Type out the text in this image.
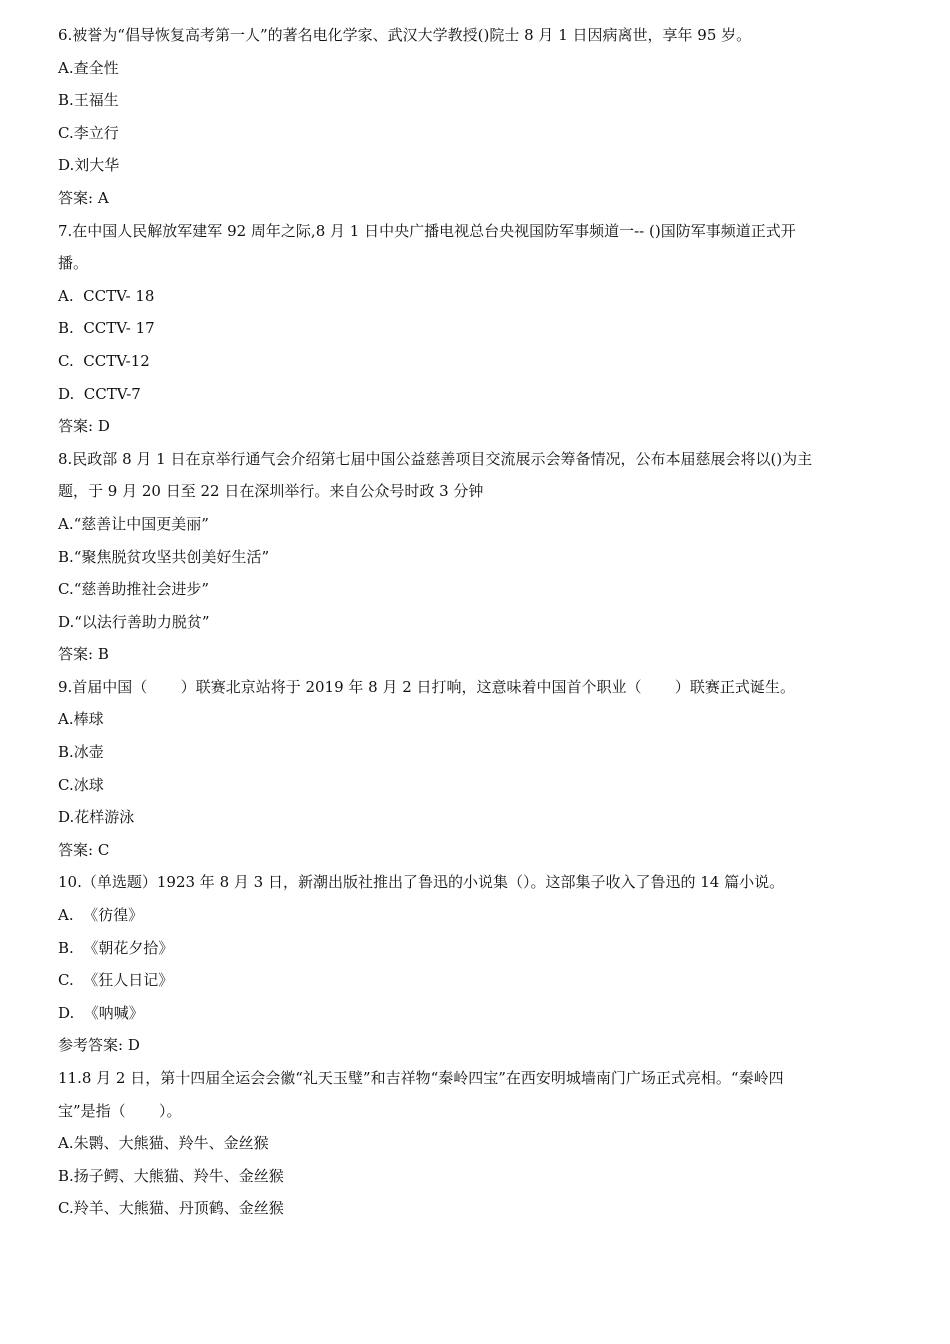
6.被誉为“倡导恢复高考第一人”的著名电化学家、武汉大学教授()院士 8 月 1 日因病离世，享年 95 岁。
A.查全性
B.王福生
C.李立行
D.刘大华
答案: A
7.在中国人民解放军建军 92 周年之际,8 月 1 日中央广播电视总台央视国防军事频道一-- ()国防军事频道正式开
播。
A.  CCTV- 18
B.  CCTV- 17
C.  CCTV-12
D.  CCTV-7
答案: D
8.民政部 8 月 1 日在京举行通气会介绍第七届中国公益慈善项目交流展示会筹备情况，公布本届慈展会将以()为主
题，于 9 月 20 日至 22 日在深圳举行。来自公众号时政 3 分钟
A.“慈善让中国更美丽”
B.“聚焦脱贫攻坚共创美好生活”
C.“慈善助推社会进步”
D.“以法行善助力脱贫”
答案: B
9.首届中国（       ）联赛北京站将于 2019 年 8 月 2 日打响，这意味着中国首个职业（       ）联赛正式诞生。
A.棒球
B.冰壶
C.冰球
D.花样游泳
答案: C
10.（单选题）1923 年 8 月 3 日，新潮出版社推出了鲁迅的小说集（）。这部集子收入了鲁迅的 14 篇小说。
A.  《彷徨》
B.  《朝花夕拾》
C.  《狂人日记》
D.  《呐喊》
参考答案: D
11.8 月 2 日，第十四届全运会会徽“礼天玉璧”和吉祥物“秦岭四宝”在西安明城墙南门广场正式亮相。“秦岭四
宝”是指（       ）。
A.朱鹮、大熊猫、羚牛、金丝猴
B.扬子鳄、大熊猫、羚牛、金丝猴
C.羚羊、大熊猫、丹顶鹤、金丝猴
